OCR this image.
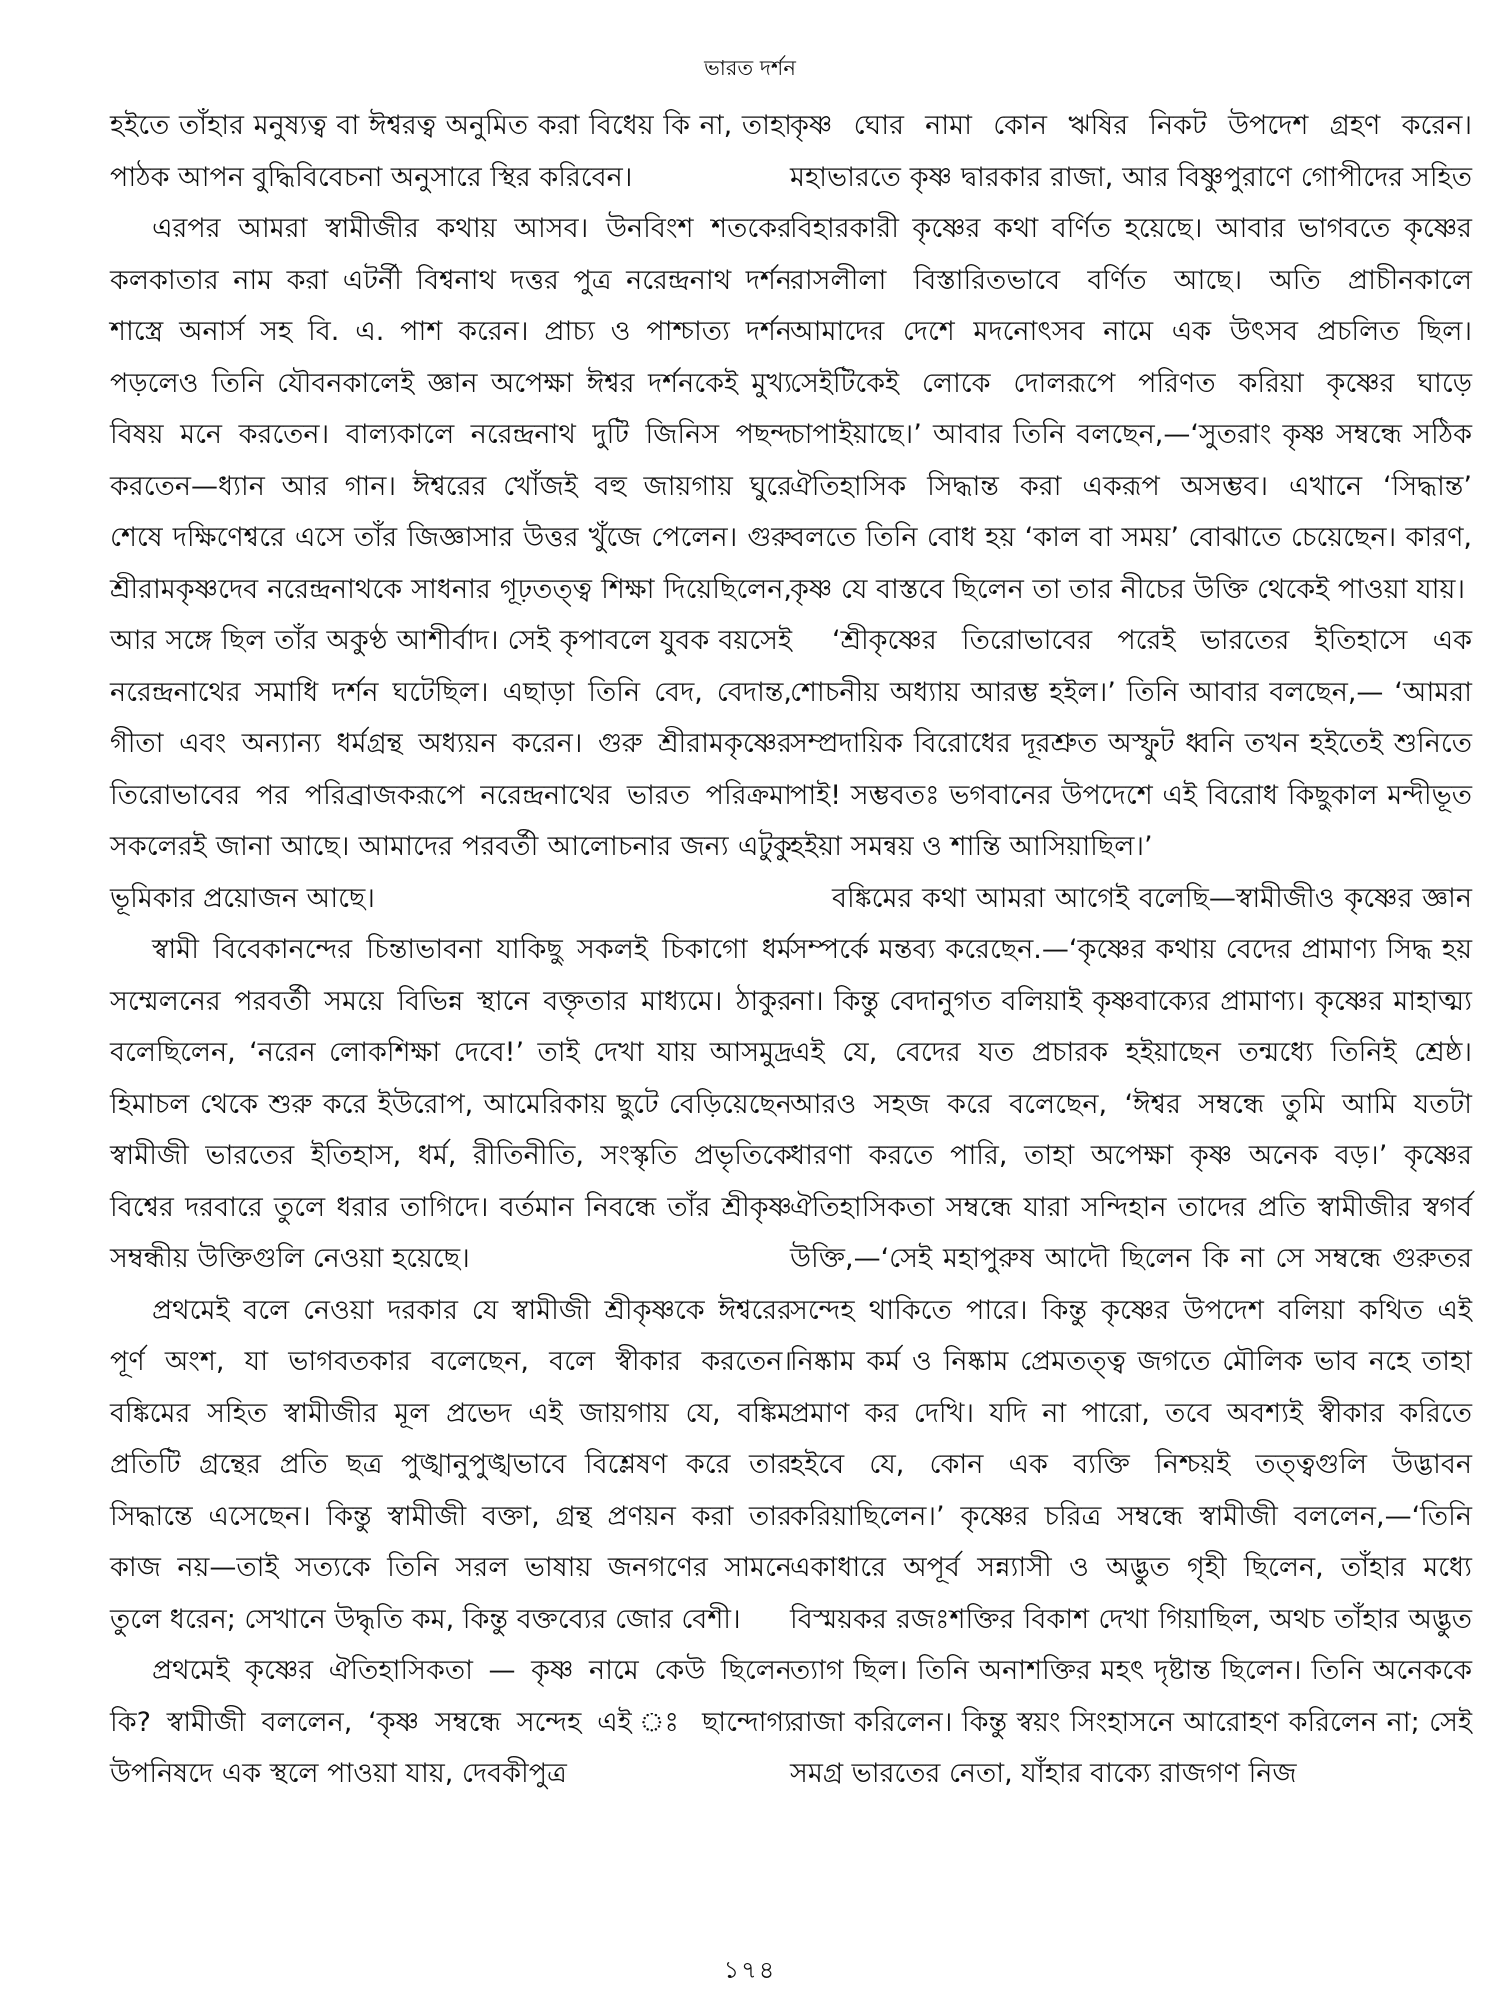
ভারত দর্শন

হইতে তাঁহার মনুষ্যত্ব বা ঈশ্বরত্ব অনুমিত করা বিধেয় কি না, তাহা পাঠক আপন বুদ্ধিবিবেচনা অনুসারে স্থির করিবেন।

এরপর আমরা স্বামীজীর কথায় আসব। উনবিংশ শতকের কলকাতার নাম করা এটর্নী বিশ্বনাথ দত্তর পুত্র নরেন্দ্রনাথ দর্শন শাস্ত্রে অনার্স সহ বি. এ. পাশ করেন। প্রাচ্য ও পাশ্চাত্য দর্শন পড়লেও তিনি যৌবনকালেই জ্ঞান অপেক্ষা ঈশ্বর দর্শনকেই মুখ্য বিষয় মনে করতেন। বাল্যকালে নরেন্দ্রনাথ দুটি জিনিস পছন্দ করতেন—ধ্যান আর গান। ঈশ্বরের খোঁজই বহু জায়গায় ঘুরে শেষে দক্ষিণেশ্বরে এসে তাঁর জিজ্ঞাসার উত্তর খুঁজে পেলেন। গুরু শ্রীরামকৃষ্ণদেব নরেন্দ্রনাথকে সাধনার গূঢ়তত্ত্ব শিক্ষা দিয়েছিলেন, আর সঙ্গে ছিল তাঁর অকুণ্ঠ আশীর্বাদ। সেই কৃপাবলে যুবক বয়সেই নরেন্দ্রনাথের সমাধি দর্শন ঘটেছিল। এছাড়া তিনি বেদ, বেদান্ত, গীতা এবং অন্যান্য ধর্মগ্রন্থ অধ্যয়ন করেন। গুরু শ্রীরামকৃষ্ণের তিরোভাবের পর পরিব্রাজকরূপে নরেন্দ্রনাথের ভারত পরিক্রমা সকলেরই জানা আছে। আমাদের পরবর্তী আলোচনার জন্য এটুকু ভূমিকার প্রয়োজন আছে।

স্বামী বিবেকানন্দের চিন্তাভাবনা যাকিছু সকলই চিকাগো ধর্ম সম্মেলনের পরবর্তী সময়ে বিভিন্ন স্থানে বক্তৃতার মাধ্যমে। ঠাকুর বলেছিলেন, ‘নরেন লোকশিক্ষা দেবে!’ তাই দেখা যায় আসমুদ্র হিমাচল থেকে শুরু করে ইউরোপ, আমেরিকায় ছুটে বেড়িয়েছেন স্বামীজী ভারতের ইতিহাস, ধর্ম, রীতিনীতি, সংস্কৃতি প্রভৃতিকে বিশ্বের দরবারে তুলে ধরার তাগিদে। বর্তমান নিবন্ধে তাঁর শ্রীকৃষ্ণ সম্বন্ধীয় উক্তিগুলি নেওয়া হয়েছে।

প্রথমেই বলে নেওয়া দরকার যে স্বামীজী শ্রীকৃষ্ণকে ঈশ্বরের পূর্ণ অংশ, যা ভাগবতকার বলেছেন, বলে স্বীকার করতেন। বঙ্কিমের সহিত স্বামীজীর মূল প্রভেদ এই জায়গায় যে, বঙ্কিম প্রতিটি গ্রন্থের প্রতি ছত্র পুঙ্খানুপুঙ্খভাবে বিশ্লেষণ করে তার সিদ্ধান্তে এসেছেন। কিন্তু স্বামীজী বক্তা, গ্রন্থ প্রণয়ন করা তার কাজ নয়—তাই সত্যকে তিনি সরল ভাষায় জনগণের সামনে তুলে ধরেন; সেখানে উদ্ধৃতি কম, কিন্তু বক্তব্যের জোর বেশী।

প্রথমেই কৃষ্ণের ঐতিহাসিকতা — কৃষ্ণ নামে কেউ ছিলেন কি? স্বামীজী বললেন, ‘কৃষ্ণ সম্বন্ধে সন্দেহ এই ঃ ছান্দোগ্য উপনিষদে এক স্থলে পাওয়া যায়, দেবকীপুত্র

কৃষ্ণ ঘোর নামা কোন ঋষির নিকট উপদেশ গ্রহণ করেন। মহাভারতে কৃষ্ণ দ্বারকার রাজা, আর বিষ্ণুপুরাণে গোপীদের সহিত বিহারকারী কৃষ্ণের কথা বর্ণিত হয়েছে। আবার ভাগবতে কৃষ্ণের রাসলীলা বিস্তারিতভাবে বর্ণিত আছে। অতি প্রাচীনকালে আমাদের দেশে মদনোৎসব নামে এক উৎসব প্রচলিত ছিল। সেইটিকেই লোকে দোলরূপে পরিণত করিয়া কৃষ্ণের ঘাড়ে চাপাইয়াছে।’ আবার তিনি বলছেন,—‘সুতরাং কৃষ্ণ সম্বন্ধে সঠিক ঐতিহাসিক সিদ্ধান্ত করা একরূপ অসম্ভব। এখানে ‘সিদ্ধান্ত’ বলতে তিনি বোধ হয় ‘কাল বা সময়’ বোঝাতে চেয়েছেন। কারণ, কৃষ্ণ যে বাস্তবে ছিলেন তা তার নীচের উক্তি থেকেই পাওয়া যায়।

‘শ্রীকৃষ্ণের তিরোভাবের পরেই ভারতের ইতিহাসে এক শোচনীয় অধ্যায় আরম্ভ হইল।’ তিনি আবার বলছেন,— ‘আমরা সম্প্রদায়িক বিরোধের দূরশ্রুত অস্ফুট ধ্বনি তখন হইতেই শুনিতে পাই! সম্ভবতঃ ভগবানের উপদেশে এই বিরোধ কিছুকাল মন্দীভূত হইয়া সমন্বয় ও শান্তি আসিয়াছিল।’

বঙ্কিমের কথা আমরা আগেই বলেছি—স্বামীজীও কৃষ্ণের জ্ঞান সম্পর্কে মন্তব্য করেছেন.—‘কৃষ্ণের কথায় বেদের প্রামাণ্য সিদ্ধ হয় না। কিন্তু বেদানুগত বলিয়াই কৃষ্ণবাক্যের প্রামাণ্য। কৃষ্ণের মাহাত্ম্য এই যে, বেদের যত প্রচারক হইয়াছেন তন্মধ্যে তিনিই শ্রেষ্ঠ। আরও সহজ করে বলেছেন, ‘ঈশ্বর সম্বন্ধে তুমি আমি যতটা ধারণা করতে পারি, তাহা অপেক্ষা কৃষ্ণ অনেক বড়।’ কৃষ্ণের ঐতিহাসিকতা সম্বন্ধে যারা সন্দিহান তাদের প্রতি স্বামীজীর স্বগর্ব উক্তি,—‘সেই মহাপুরুষ আদৌ ছিলেন কি না সে সম্বন্ধে গুরুতর সন্দেহ থাকিতে পারে। কিন্তু কৃষ্ণের উপদেশ বলিয়া কথিত এই নিষ্কাম কর্ম ও নিষ্কাম প্রেমতত্ত্ব জগতে মৌলিক ভাব নহে তাহা প্রমাণ কর দেখি। যদি না পারো, তবে অবশ্যই স্বীকার করিতে হইবে যে, কোন এক ব্যক্তি নিশ্চয়ই তত্ত্বগুলি উদ্ভাবন করিয়াছিলেন।’ কৃষ্ণের চরিত্র সম্বন্ধে স্বামীজী বললেন,—‘তিনি একাধারে অপূর্ব সন্ন্যাসী ও অদ্ভুত গৃহী ছিলেন, তাঁহার মধ্যে বিস্ময়কর রজঃশক্তির বিকাশ দেখা গিয়াছিল, অথচ তাঁহার অদ্ভুত ত্যাগ ছিল। তিনি অনাশক্তির মহৎ দৃষ্টান্ত ছিলেন। তিনি অনেককে রাজা করিলেন। কিন্তু স্বয়ং সিংহাসনে আরোহণ করিলেন না; সেই সমগ্র ভারতের নেতা, যাঁহার বাক্যে রাজগণ নিজ

১৭৪
